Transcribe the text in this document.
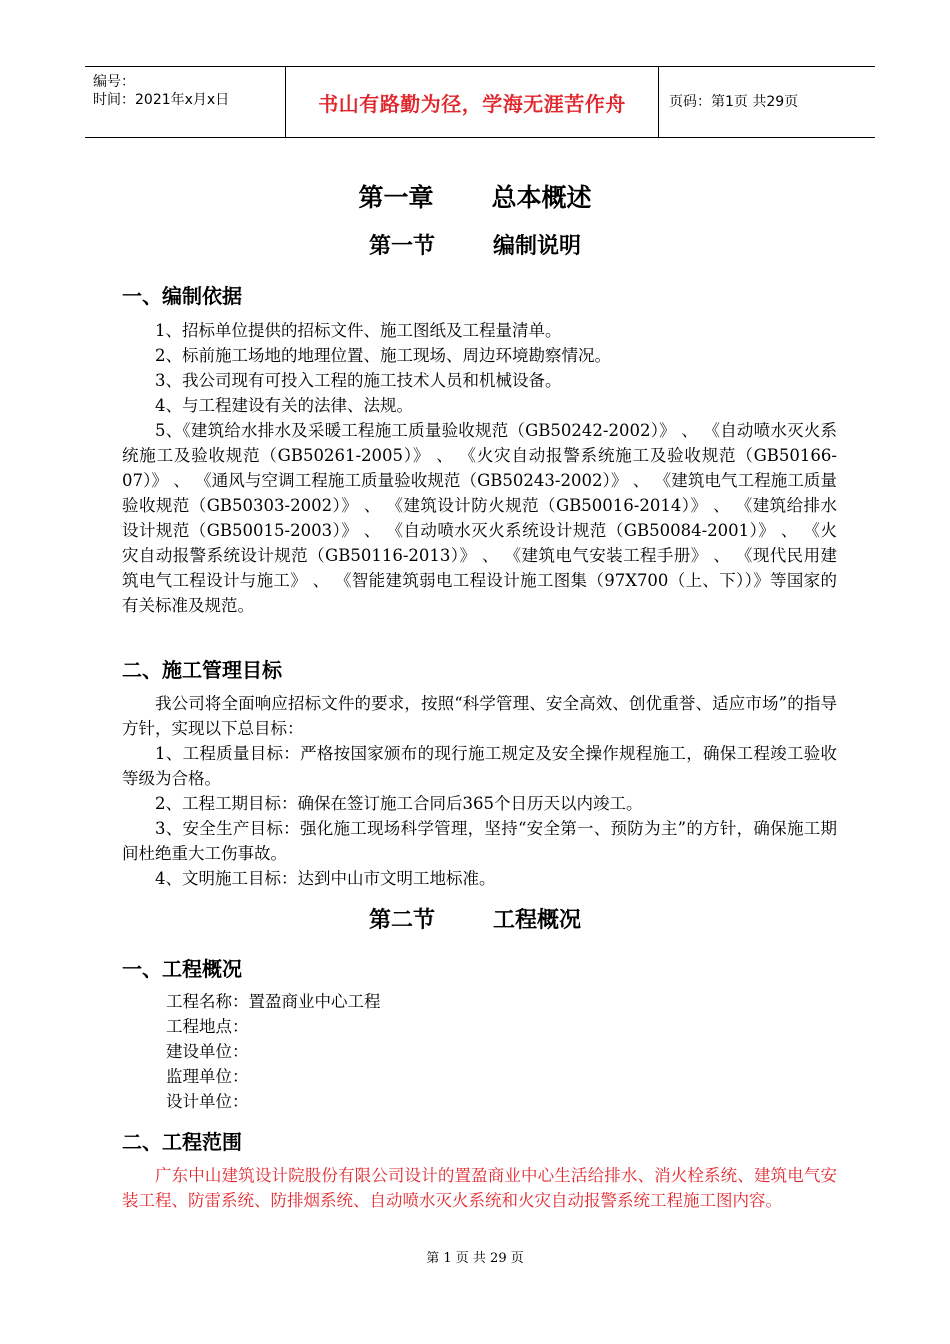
编号：
时间：2021年x月x日	书山有路勤为径，学海无涯苦作舟	页码：第1页 共29页
第一章 总本概述
第一节	编制说明
一、编制依据

1、招标单位提供的招标文件、施工图纸及工程量清单。

2、标前施工场地的地理位置、施工现场、周边环境勘察情况。

3、我公司现有可投入工程的施工技术人员和机械设备。

4、与工程建设有关的法律、法规。

5、《建筑给水排水及采暖工程施工质量验收规范（GB50242-2002）》 、 《自动喷水灭火系统施工及验收规范（GB50261-2005）》 、 《火灾自动报警系统施工及验收规范（GB50166-07）》 、 《通风与空调工程施工质量验收规范（GB50243-2002）》 、 《建筑电气工程施工质量验收规范（GB50303-2002）》 、 《建筑设计防火规范（GB50016-2014）》 、 《建筑给排水设计规范（GB50015-2003）》 、 《自动喷水灭火系统设计规范（GB50084-2001）》 、 《火灾自动报警系统设计规范（GB50116-2013）》 、 《建筑电气安装工程手册》 、 《现代民用建筑电气工程设计与施工》 、 《智能建筑弱电工程设计施工图集（97X700（上、下））》等国家的有关标准及规范。

二、施工管理目标

我公司将全面响应招标文件的要求，按照“科学管理、安全高效、创优重誉、适应市场”的指导方针，实现以下总目标：

1、工程质量目标：严格按国家颁布的现行施工规定及安全操作规程施工，确保工程竣工验收等级为合格。

2、工程工期目标：确保在签订施工合同后365个日历天以内竣工。

3、安全生产目标：强化施工现场科学管理，坚持“安全第一、预防为主”的方针，确保施工期间杜绝重大工伤事故。

4、文明施工目标：达到中山市文明工地标准。

第二节	工程概况
一、工程概况
工程名称：置盈商业中心工程
工程地点：
建设单位：
监理单位：
设计单位：
二、工程范围

广东中山建筑设计院股份有限公司设计的置盈商业中心生活给排水、消火栓系统、建筑电气安装工程、防雷系统、防排烟系统、自动喷水灭火系统和火灾自动报警系统工程施工图内容。

第 1 页 共 29 页
